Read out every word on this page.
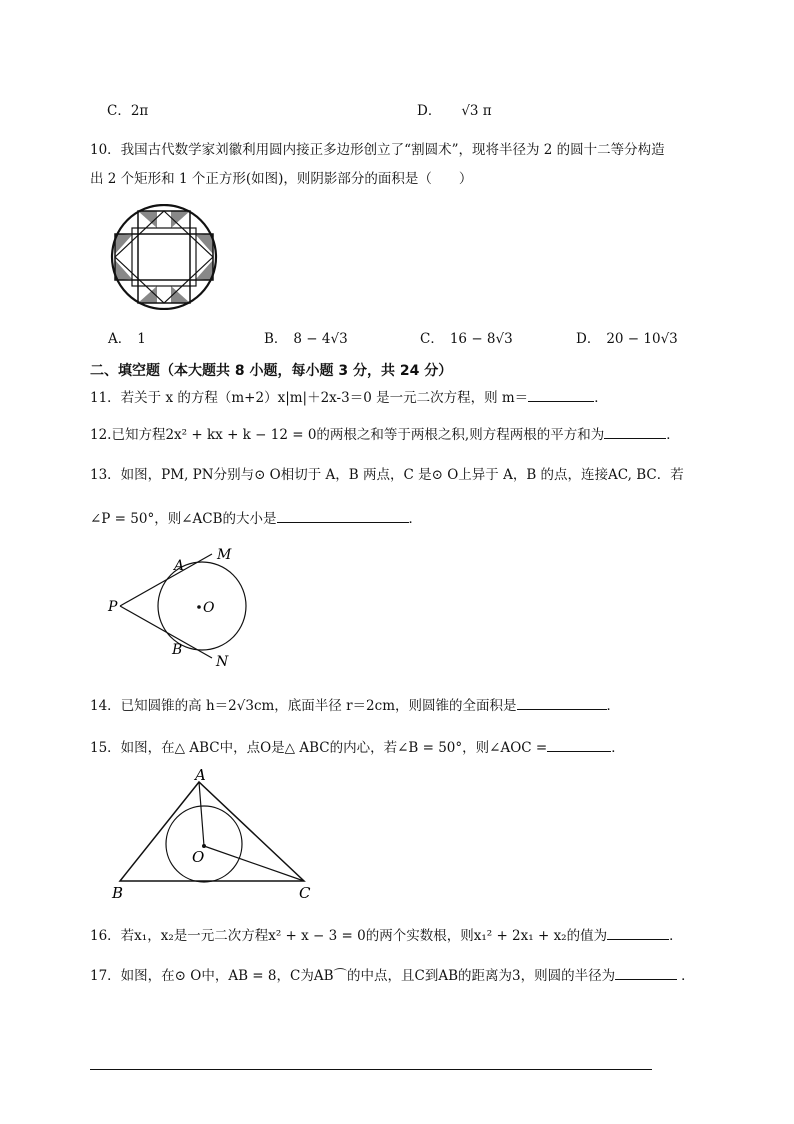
C．2π	D． √3 π
10．我国古代数学家刘徽利用圆内接正多边形创立了“割圆术”，现将半径为 2 的圆十二等分构造
出 2 个矩形和 1 个正方形(如图)，则阴影部分的面积是（　　）
A． 1	B． 8 − 4√3	C． 16 − 8√3	D． 20 − 10√3
二、填空题（本大题共 8 小题，每小题 3 分，共 24 分）
11．若关于 x 的方程（m+2）x|m|＋2x-3＝0 是一元二次方程，则 m＝	．
12.已知方程2x² + kx + k − 12 = 0的两根之和等于两根之积,则方程两根的平方和为	．
13．如图，PM, PN分别与⊙ O相切于 A，B 两点，C 是⊙ O上异于 A，B 的点，连接AC, BC．若
∠P = 50°，则∠ACB的大小是	．
M
A
P	O
B
N
14．已知圆锥的高 h＝2√3cm，底面半径 r＝2cm，则圆锥的全面积是	．
15．如图，在△ ABC中，点O是△ ABC的内心，若∠B = 50°，则∠AOC =	．
A
B	C
O
16．若x₁，x₂是一元二次方程x² + x − 3 = 0的两个实数根，则x₁² + 2x₁ + x₂的值为	．
17．如图，在⊙ O中，AB = 8，C为AB⌒的中点，且C到AB的距离为3，则圆的半径为	．
